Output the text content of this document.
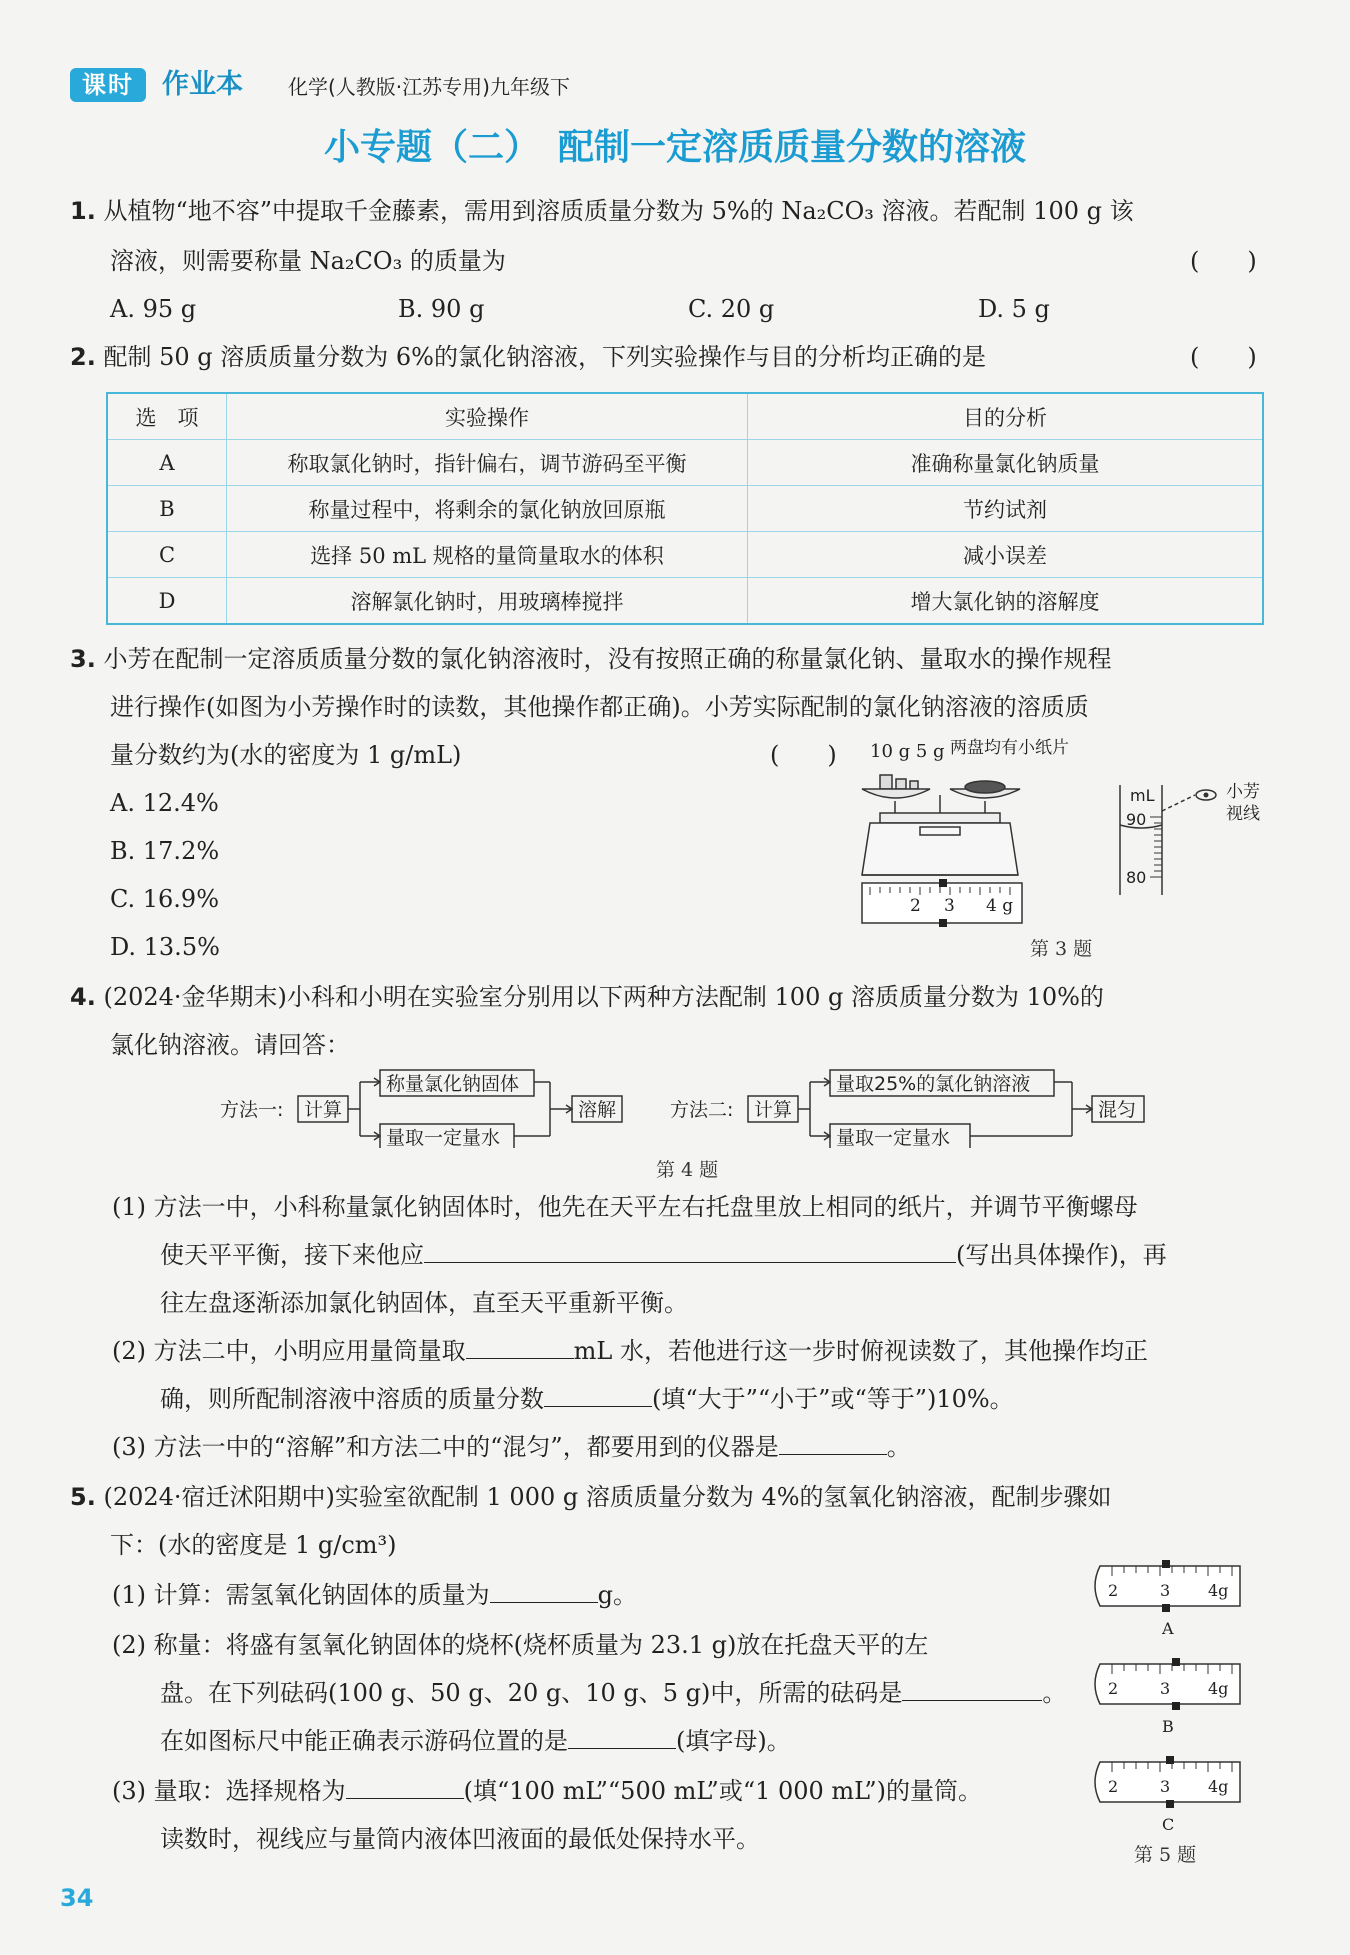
课时	作业本 化学(人教版·江苏专用)九年级下
小专题（二）　配制一定溶质质量分数的溶液
1. 从植物“地不容”中提取千金藤素，需用到溶质质量分数为 5%的 Na₂CO₃ 溶液。若配制 100 g 该
溶液，则需要称量 Na₂CO₃ 的质量为	(　　)
A. 95 g	B. 90 g	C. 20 g	D. 5 g
2. 配制 50 g 溶质质量分数为 6%的氯化钠溶液，下列实验操作与目的分析均正确的是	(　　)
选　项	实验操作	目的分析
A	称取氯化钠时，指针偏右，调节游码至平衡	准确称量氯化钠质量
B	称量过程中，将剩余的氯化钠放回原瓶	节约试剂
C	选择 50 mL 规格的量筒量取水的体积	减小误差
D	溶解氯化钠时，用玻璃棒搅拌	增大氯化钠的溶解度
3. 小芳在配制一定溶质质量分数的氯化钠溶液时，没有按照正确的称量氯化钠、量取水的操作规程
进行操作(如图为小芳操作时的读数，其他操作都正确)。小芳实际配制的氯化钠溶液的溶质质
量分数约为(水的密度为 1 g/mL)	(　　)
A. 12.4%
B. 17.2%
C. 16.9%
D. 13.5%
10 g 5 g 两盘均有小纸片
2 3 4 g
mL
90
80
小芳
视线
第 3 题
4. (2024·金华期末)小科和小明在实验室分别用以下两种方法配制 100 g 溶质质量分数为 10%的
氯化钠溶液。请回答：
方法一: 计算
称量氯化钠固体
量取一定量水
溶解	方法二: 计算
量取25%的氯化钠溶液
量取一定量水
混匀
第 4 题
(1) 方法一中，小科称量氯化钠固体时，他先在天平左右托盘里放上相同的纸片，并调节平衡螺母
使天平平衡，接下来他应	(写出具体操作)，再
往左盘逐渐添加氯化钠固体，直至天平重新平衡。
(2) 方法二中，小明应用量筒量取	mL 水，若他进行这一步时俯视读数了，其他操作均正
确，则所配制溶液中溶质的质量分数	(填“大于”“小于”或“等于”)10%。
(3) 方法一中的“溶解”和方法二中的“混匀”，都要用到的仪器是	。
5. (2024·宿迁沭阳期中)实验室欲配制 1 000 g 溶质质量分数为 4%的氢氧化钠溶液，配制步骤如
下：(水的密度是 1 g/cm³)
(1) 计算：需氢氧化钠固体的质量为	g。
(2) 称量：将盛有氢氧化钠固体的烧杯(烧杯质量为 23.1 g)放在托盘天平的左
盘。在下列砝码(100 g、50 g、20 g、10 g、5 g)中，所需的砝码是	。
在如图标尺中能正确表示游码位置的是	(填字母)。
(3) 量取：选择规格为	(填“100 mL”“500 mL”或“1 000 mL”)的量筒。
读数时，视线应与量筒内液体凹液面的最低处保持水平。
2	3 4g
A
2	3 4g
B
2	3 4g
C
第 5 题
34
